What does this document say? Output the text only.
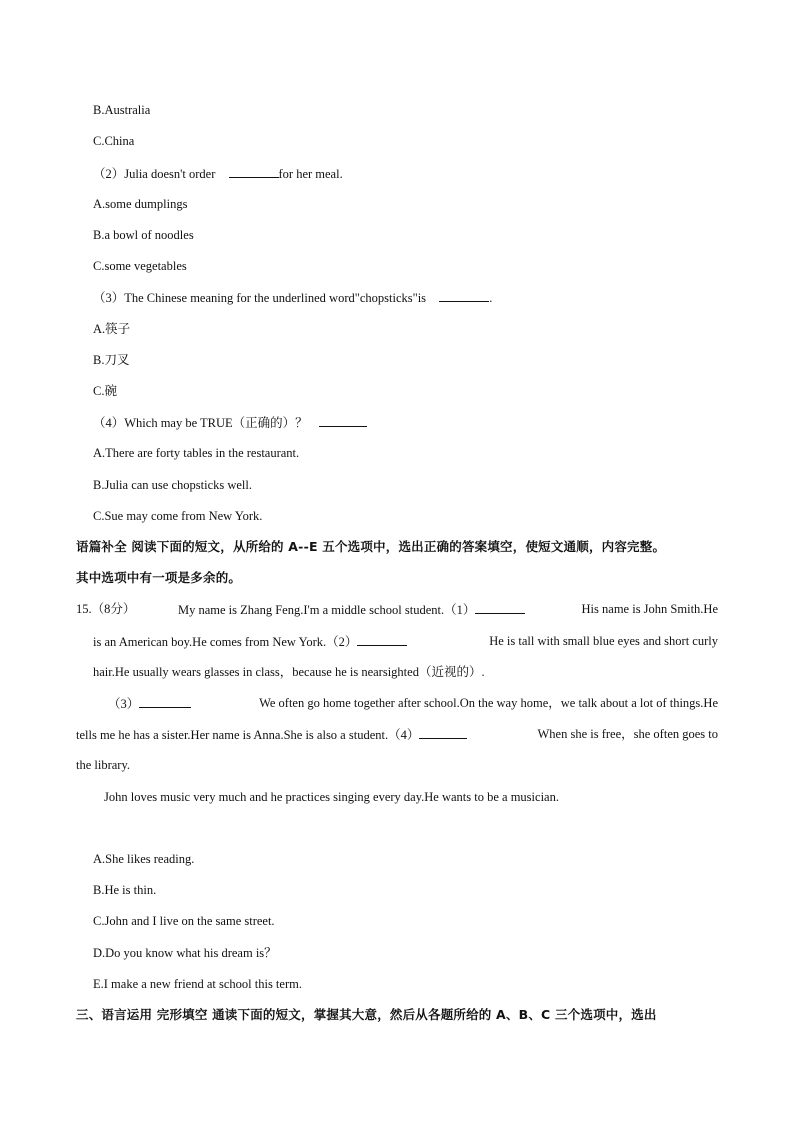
B.Australia
C.China
（2）Julia doesn't order	for her meal.
A.some dumplings
B.a bowl of noodles
C.some vegetables
（3）The Chinese meaning for the underlined word"chopsticks"is	.
A.筷子
B.刀叉
C.碗
（4）Which may be TRUE（正确的）？
A.There are forty tables in the restaurant.
B.Julia can use chopsticks well.
C.Sue may come from New York.
语篇补全 阅读下面的短文，从所给的 A--E 五个选项中，选出正确的答案填空，使短文通顺，内容完整。
其中选项中有一项是多余的。
15.（8分）	My name is Zhang Feng.I'm a middle school student.（1）	His name is John Smith.He
is an American boy.He comes from New York.（2）	He is tall with small blue eyes and short curly
hair.He usually wears glasses in class，because he is nearsighted（近视的）.
（3）	We often go home together after school.On the way home，we talk about a lot of things.He
tells me he has a sister.Her name is Anna.She is also a student.（4）	When she is free，she often goes to
the library.
John loves music very much and he practices singing every day.He wants to be a musician.
A.She likes reading.
B.He is thin.
C.John and I live on the same street.
D.Do you know what his dream is？
E.I make a new friend at school this term.
三、语言运用 完形填空 通读下面的短文，掌握其大意，然后从各题所给的 A、B、C 三个选项中，选出
